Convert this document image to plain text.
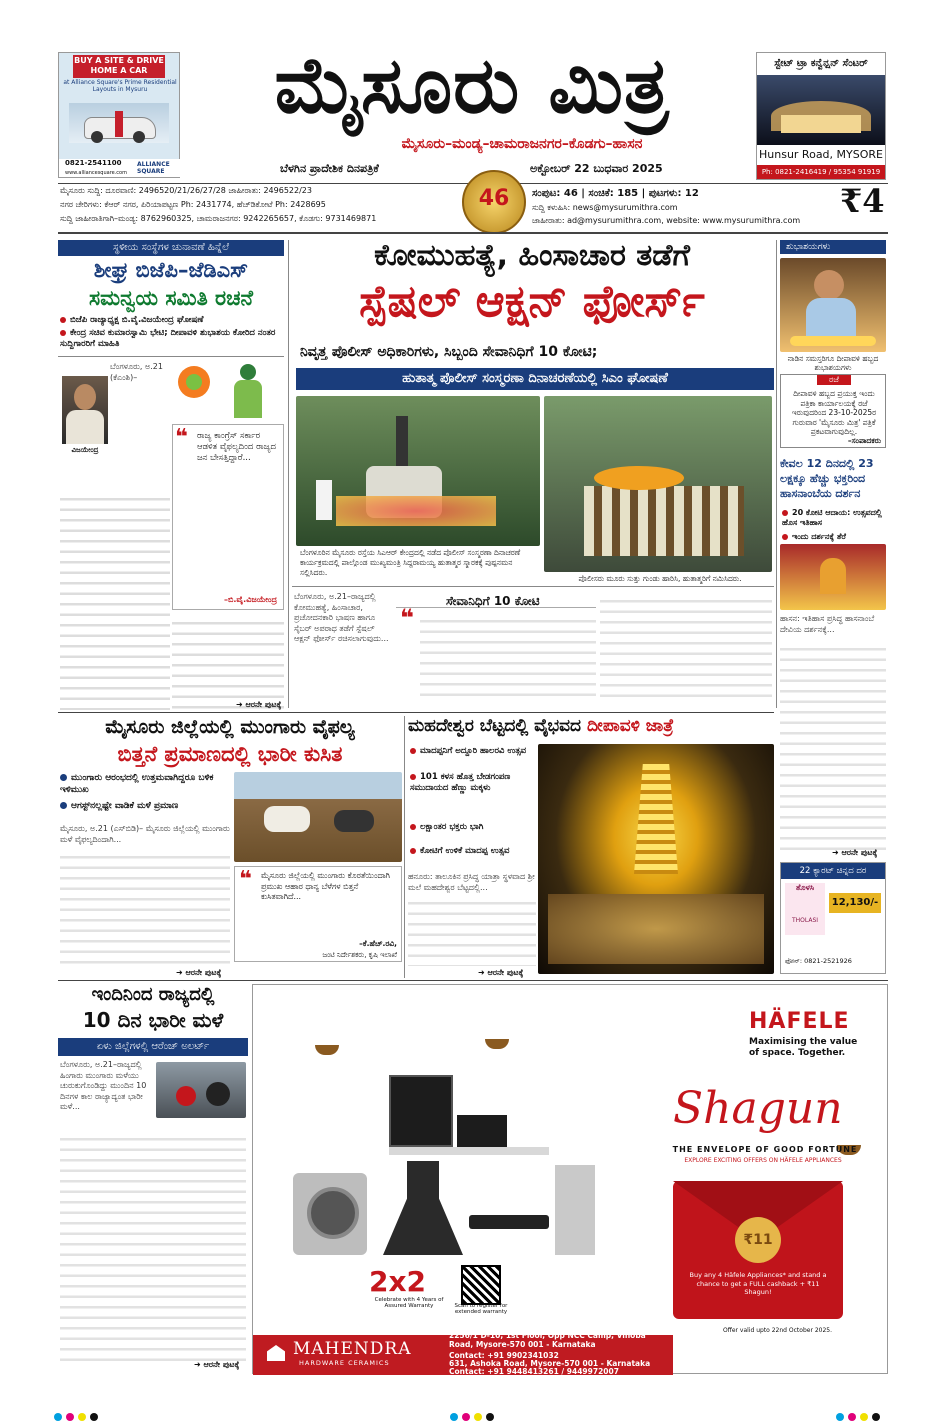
BUY A SITE & DRIVE HOME A CAR
at Alliance Square's Prime Residential Layouts in Mysuru
0821-2541100
www.alliancesquare.com
ALLIANCE SQUARE
ಮೈಸೂರು ಮಿತ್ರ
ಮೈಸೂರು–ಮಂಡ್ಯ–ಚಾಮರಾಜನಗರ–ಕೊಡಗು–ಹಾಸನ
ಬೆಳಗಿನ ಪ್ರಾದೇಶಿಕ ದಿನಪತ್ರಿಕೆ	ಅಕ್ಟೋಬರ್ 22 ಬುಧವಾರ 2025
ಸ್ಟೇಟ್‌ ಟ್ರಾ ಕನ್ವೆನ್ಷನ್ ಸೆಂಟರ್
Hunsur Road, MYSORE
Ph: 0821-2416419 / 95354 91919
ಮೈಸೂರು ಸುದ್ದಿ: ದೂರವಾಣಿ: 2496520/21/26/27/28 ಜಾಹೀರಾತು: 2496522/23
ನಗರ ಚೇರಿಗಳು: ಕೆಆರ್ ನಗರ, ಪಿರಿಯಾಪಟ್ಟಣ Ph: 2431774, ಹೆಚ್‌ಡಿಕೋಟೆ Ph: 2428695
ಸುದ್ದಿ ಜಾಹೀರಾತಿಗಾಗಿ–ಮಂಡ್ಯ: 8762960325, ಚಾಮರಾಜನಗರ: 9242265657, ಕೊಡಗು: 9731469871
46	ಸಂಪುಟ: 46 | ಸಂಚಿಕೆ: 185 | ಪುಟಗಳು: 12
ಸುದ್ದಿ ಕಳುಹಿಸಿ: news@mysurumithra.com
ಜಾಹೀರಾತು: ad@mysurumithra.com, website: www.mysurumithra.com
₹4
ಸ್ಥಳೀಯ ಸಂಸ್ಥೆಗಳ ಚುನಾವಣೆ ಹಿನ್ನೆಲೆ
ಶೀಘ್ರ ಬಿಜೆಪಿ–ಜೆಡಿಎಸ್
ಸಮನ್ವಯ ಸಮಿತಿ ರಚನೆ
ಬಿಜೆಪಿ ರಾಜ್ಯಾಧ್ಯಕ್ಷ ಬಿ.ವೈ.ವಿಜಯೇಂದ್ರ ಘೋಷಣೆ
ಕೇಂದ್ರ ಸಚಿವ ಕುಮಾರಸ್ವಾಮಿ ಭೇಟಿ; ದೀಪಾವಳಿ ಶುಭಾಶಯ ಕೋರಿದ ನಂತರ ಸುದ್ದಿಗಾರರಿಗೆ ಮಾಹಿತಿ
ವಿಜಯೇಂದ್ರ
ಬೆಂಗಳೂರು, ಅ.21 (ಕೆಎಂಶಿ)–
❝	ರಾಜ್ಯ ಕಾಂಗ್ರೆಸ್ ಸರ್ಕಾರ ಆಡಳಿತ ವೈಫಲ್ಯದಿಂದ ರಾಜ್ಯದ ಜನ ಬೇಸತ್ತಿದ್ದಾರೆ...
–ಬಿ.ವೈ.ವಿಜಯೇಂದ್ರ
➜ ಆರನೇ ಪುಟಕ್ಕೆ
ಕೋಮುಹತ್ಯೆ, ಹಿಂಸಾಚಾರ ತಡೆಗೆ
ಸ್ಪೆಷಲ್ ಆಕ್ಷನ್ ಫೋರ್ಸ್
ನಿವೃತ್ತ ಪೊಲೀಸ್ ಅಧಿಕಾರಿಗಳು, ಸಿಬ್ಬಂದಿ ಸೇವಾನಿಧಿಗೆ 10 ಕೋಟಿ;
ಹುತಾತ್ಮ ಪೊಲೀಸ್ ಸಂಸ್ಮರಣಾ ದಿನಾಚರಣೆಯಲ್ಲಿ ಸಿಎಂ ಘೋಷಣೆ
ಬೆಂಗಳೂರಿನ ಮೈಸೂರು ರಸ್ತೆಯ ಸಿಎಆರ್ ಕೇಂದ್ರದಲ್ಲಿ ನಡೆದ ಪೊಲೀಸ್ ಸಂಸ್ಮರಣಾ ದಿನಾಚರಣೆ ಕಾರ್ಯಕ್ರಮದಲ್ಲಿ ಪಾಲ್ಗೊಂಡ ಮುಖ್ಯಮಂತ್ರಿ ಸಿದ್ದರಾಮಯ್ಯ ಹುತಾತ್ಮರ ಸ್ಮಾರಕಕ್ಕೆ ಪುಷ್ಪನಮನ ಸಲ್ಲಿಸಿದರು.
ಪೊಲೀಸರು ಮೂರು ಸುತ್ತು ಗುಂಡು ಹಾರಿಸಿ, ಹುತಾತ್ಮರಿಗೆ ನಮಿಸಿದರು.
ಬೆಂಗಳೂರು, ಅ.21–ರಾಜ್ಯದಲ್ಲಿ ಕೋಮುಹತ್ಯೆ, ಹಿಂಸಾಚಾರ, ಪ್ರಚೋದನಕಾರಿ ಭಾಷಣ ಹಾಗೂ ಸೈಬರ್ ಅಪರಾಧ ತಡೆಗೆ ಸ್ಪೆಷಲ್ ಆಕ್ಷನ್ ಫೋರ್ಸ್ ರಚಿಸಲಾಗುವುದು...
ಸೇವಾನಿಧಿಗೆ 10 ಕೋಟಿ
❝
ಶುಭಾಶಯಗಳು
ನಾಡಿನ ಸಮಸ್ತರಿಗೂ ದೀಪಾವಳಿ ಹಬ್ಬದ ಶುಭಾಶಯಗಳು
ರಜೆ
ದೀಪಾವಳಿ ಹಬ್ಬದ ಪ್ರಯುಕ್ತ ಇಂದು ಪತ್ರಿಕಾ ಕಾರ್ಯಾಲಯಕ್ಕೆ ರಜೆ ಇರುವುದರಿಂದ 23-10-2025ರ ಗುರುವಾರ 'ಮೈಸೂರು ಮಿತ್ರ' ಪತ್ರಿಕೆ ಪ್ರಕಟವಾಗುವುದಿಲ್ಲ.
–ಸಂಪಾದಕರು
ಕೇವಲ 12 ದಿನದಲ್ಲಿ 23 ಲಕ್ಷಕ್ಕೂ ಹೆಚ್ಚು ಭಕ್ತರಿಂದ ಹಾಸನಾಂಬೆಯ ದರ್ಶನ
20 ಕೋಟಿ ಆದಾಯ: ಉತ್ಸವದಲ್ಲಿ ಹೊಸ ಇತಿಹಾಸ
ಇಂದು ದರ್ಶನಕ್ಕೆ ತೆರೆ
ಹಾಸನ: ಇತಿಹಾಸ ಪ್ರಸಿದ್ಧ ಹಾಸನಾಂಬೆ ದೇವಿಯ ದರ್ಶನಕ್ಕೆ...
➜ ಆರನೇ ಪುಟಕ್ಕೆ
ಮೈಸೂರು ಜಿಲ್ಲೆಯಲ್ಲಿ ಮುಂಗಾರು ವೈಫಲ್ಯ
ಬಿತ್ತನೆ ಪ್ರಮಾಣದಲ್ಲಿ ಭಾರೀ ಕುಸಿತ
ಮುಂಗಾರು ಆರಂಭದಲ್ಲಿ ಉತ್ತಮವಾಗಿದ್ದರೂ ಬಳಿಕ ಇಳಿಮುಖ
ಆಗಸ್ಟ್‌ನಲ್ಲಷ್ಟೇ ವಾಡಿಕೆ ಮಳೆ ಪ್ರಮಾಣ
ಮೈಸೂರು, ಅ.21 (ಎಸ್‌ಬಿಡಿ)– ಮೈಸೂರು ಜಿಲ್ಲೆಯಲ್ಲಿ ಮುಂಗಾರು ಮಳೆ ವೈಫಲ್ಯದಿಂದಾಗಿ...
❝ ಮೈಸೂರು ಜಿಲ್ಲೆಯಲ್ಲಿ ಮುಂಗಾರು ಕೊರತೆಯಿಂದಾಗಿ ಪ್ರಮುಖ ಆಹಾರ ಧಾನ್ಯ ಬೆಳೆಗಳ ಬಿತ್ತನೆ ಕುಸಿತವಾಗಿದೆ...
–ಕೆ.ಹೆಚ್.ರವಿ,
ಜಂಟಿ ನಿರ್ದೇಶಕರು, ಕೃಷಿ ಇಲಾಖೆ
➜ ಆರನೇ ಪುಟಕ್ಕೆ
ಮಹದೇಶ್ವರ ಬೆಟ್ಟದಲ್ಲಿ ವೈಭವದ ದೀಪಾವಳಿ ಜಾತ್ರೆ
ಮಾದಪ್ಪನಿಗೆ ಅದ್ದೂರಿ ಹಾಲರವಿ ಉತ್ಸವ
101 ಕಳಸ ಹೊತ್ತ ಬೇಡಗಂಪಣ ಸಮುದಾಯದ ಹೆಣ್ಣು ಮಕ್ಕಳು
ಲಕ್ಷಾಂತರ ಭಕ್ತರು ಭಾಗಿ
ಕೋಟಿಗೆ ಉಳಿಕೆ ಮಾದಪ್ಪ ಉತ್ಸವ
ಹನೂರು: ತಾಲೂಕಿನ ಪ್ರಸಿದ್ಧ ಯಾತ್ರಾ ಸ್ಥಳವಾದ ಶ್ರೀ ಮಲೆ ಮಹದೇಶ್ವರ ಬೆಟ್ಟದಲ್ಲಿ...
➜ ಆರನೇ ಪುಟಕ್ಕೆ
22 ಕ್ಯಾರಟ್ ಚಿನ್ನದ ದರ
ತೊಳಸಿ
THOLASI
12,130/-
ಫೋನ್: 0821-2521926
ಇಂದಿನಿಂದ ರಾಜ್ಯದಲ್ಲಿ
10 ದಿನ ಭಾರೀ ಮಳೆ
ಏಳು ಜಿಲ್ಲೆಗಳಲ್ಲಿ ಆರೆಂಜ್ ಅಲರ್ಟ್
ಬೆಂಗಳೂರು, ಅ.21–ರಾಜ್ಯದಲ್ಲಿ ಹಿಂಗಾರು ಮುಂಗಾರು ಮಳೆಯು ಚುರುಕುಗೊಂಡಿದ್ದು ಮುಂದಿನ 10 ದಿನಗಳ ಕಾಲ ರಾಜ್ಯಾದ್ಯಂತ ಭಾರೀ ಮಳೆ...
➜ ಆರನೇ ಪುಟಕ್ಕೆ
HÄFELE
Maximising the value of space. Together.
2x2
Celebrate with 4 Years of Assured Warranty	Scan to register for extended warranty
Shagun
THE ENVELOPE OF GOOD FORTUNE
EXPLORE EXCITING OFFERS ON HÄFELE APPLIANCES
₹11
Buy any 4 Häfele Appliances* and stand a chance to get a FULL cashback + ₹11 Shagun!
Offer valid upto 22nd October 2025.
MAHENDRA
HARDWARE CERAMICS
2256/1 D-10, 1st Floor, Opp NCC Camp, Vinoba Road, Mysore-570 001 - Karnataka
Contact: +91 9902341032
631, Ashoka Road, Mysore-570 001 - Karnataka
Contact: +91 9448413261 / 9449972007
